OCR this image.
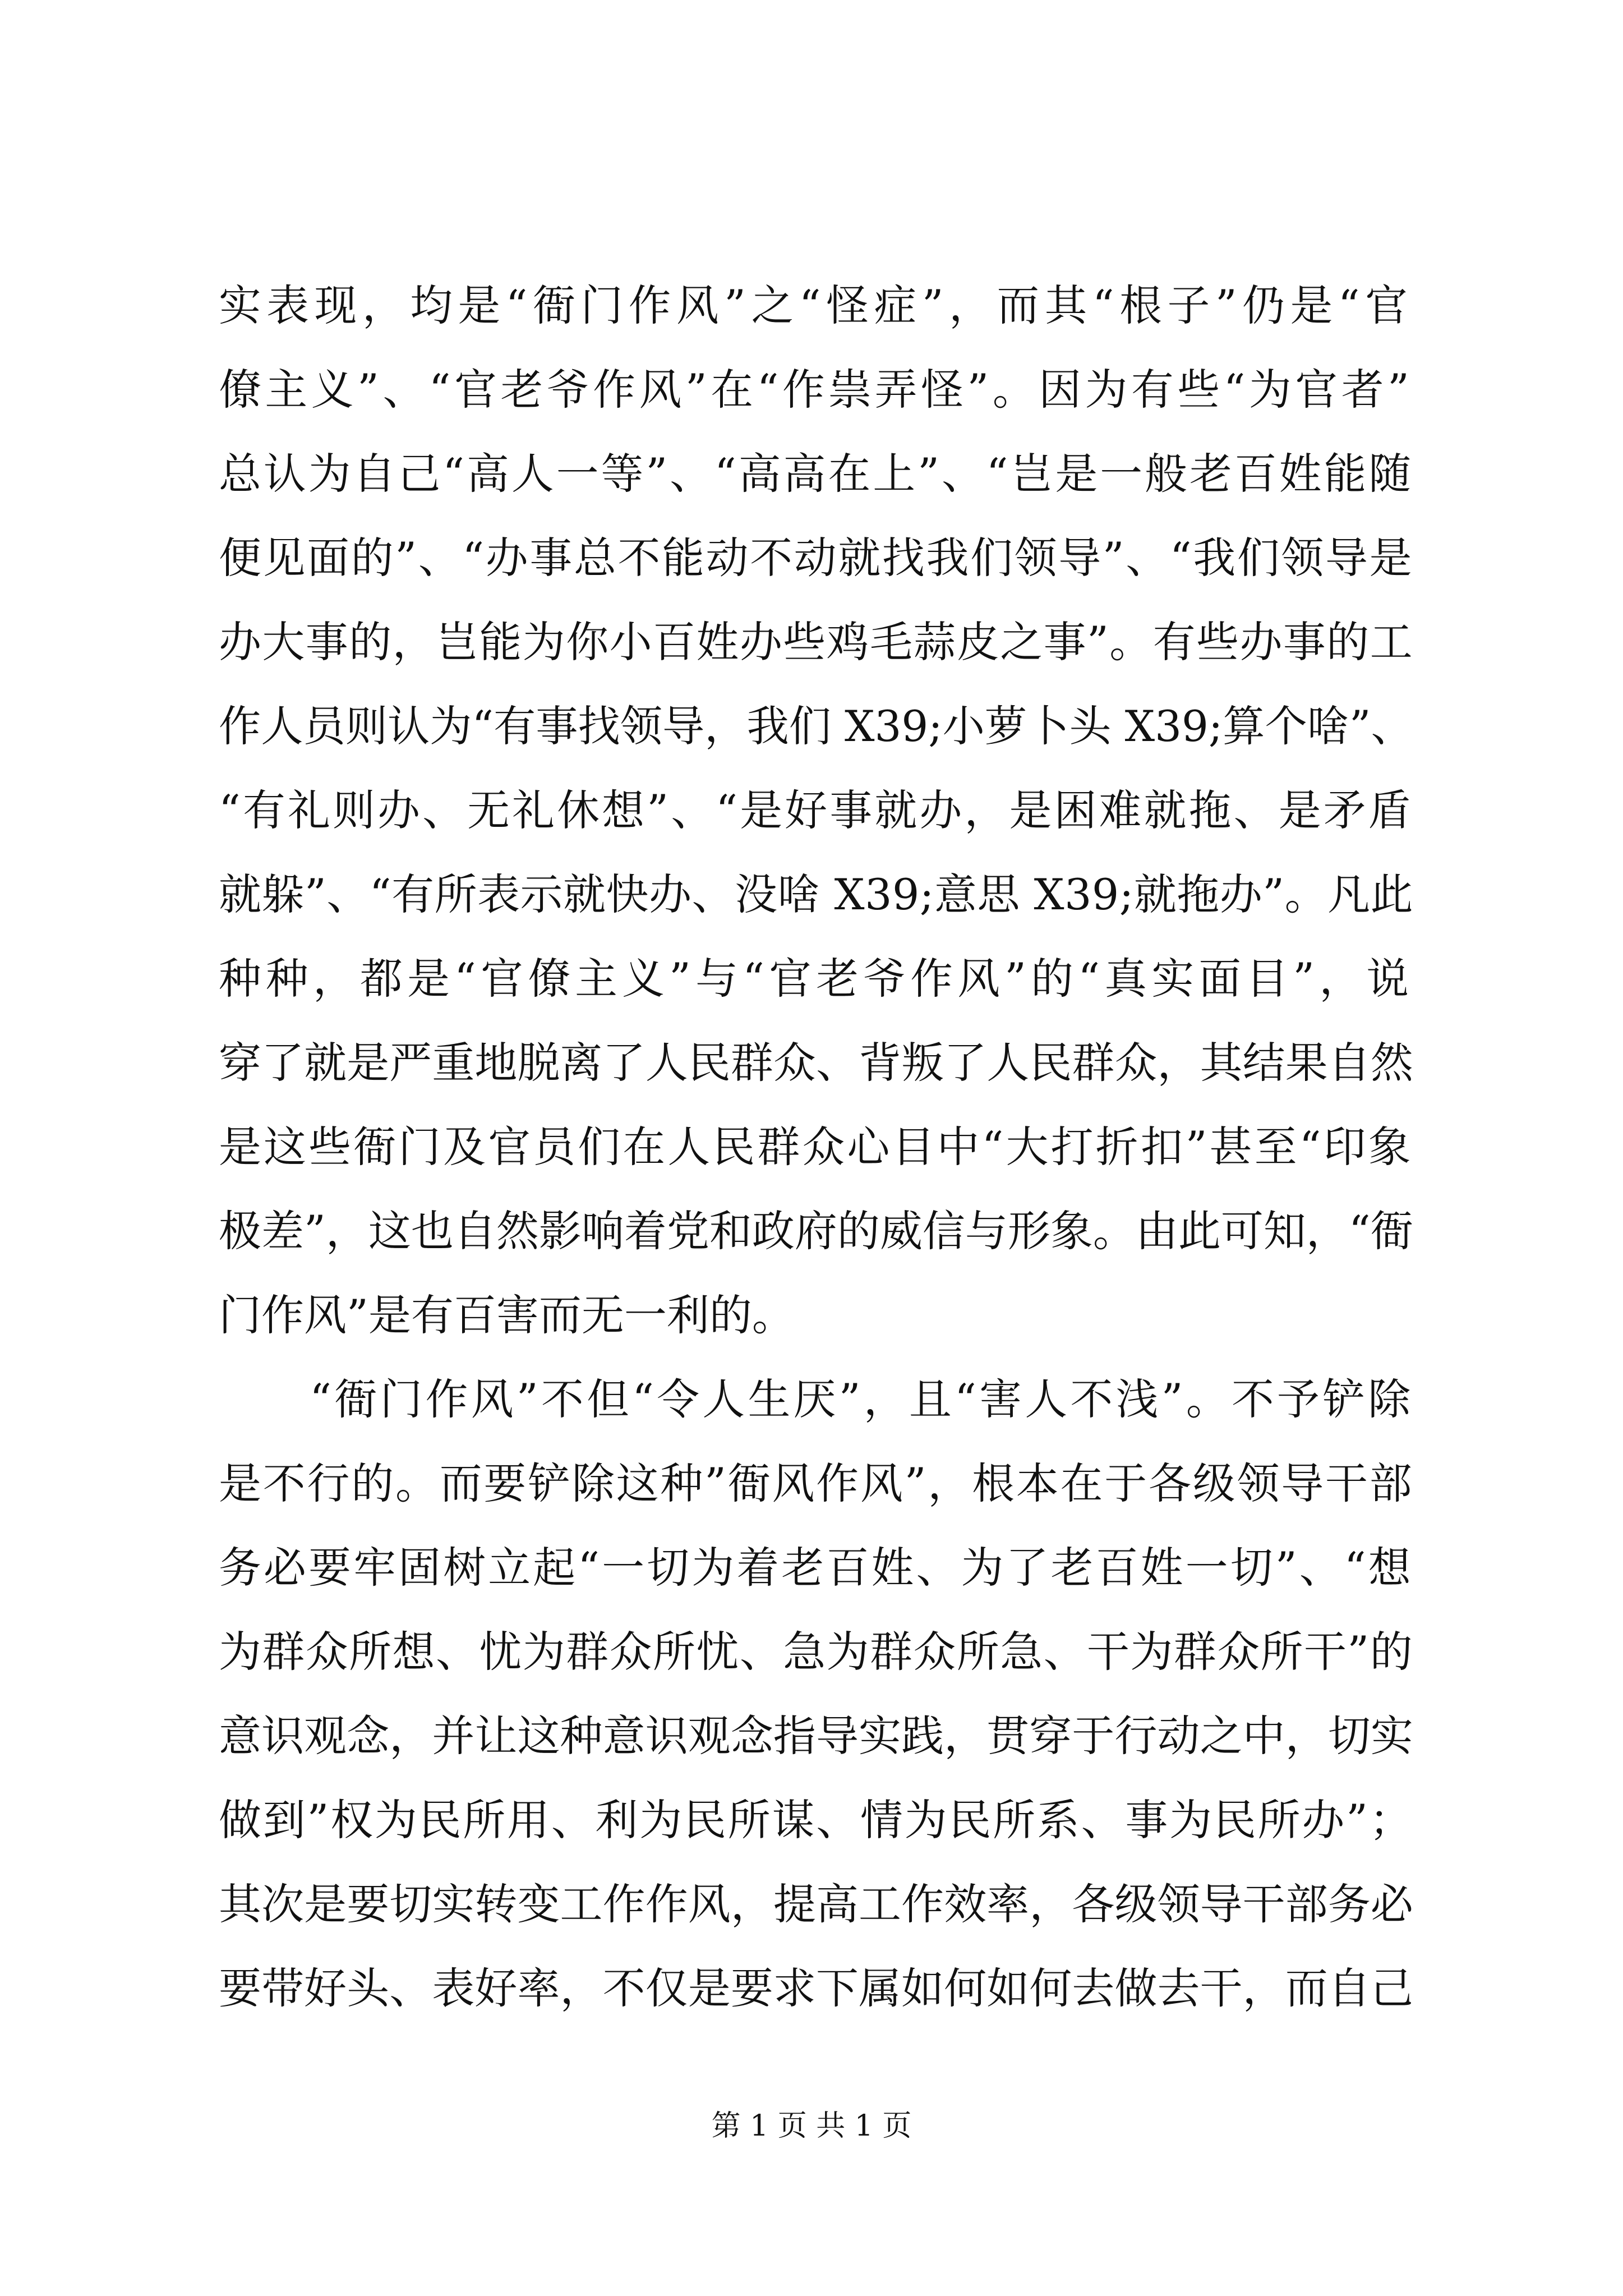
实表现，均是“衙门作风”之“怪症”，而其“根子”仍是“官
僚主义”、“官老爷作风”在“作祟弄怪”。因为有些“为官者”
总认为自己“高人一等”、“高高在上”、“岂是一般老百姓能随
便见面的”、“办事总不能动不动就找我们领导”、“我们领导是
办大事的，岂能为你小百姓办些鸡毛蒜皮之事”。有些办事的工
作人员则认为“有事找领导，我们 X39;小萝卜头 X39;算个啥”、
“有礼则办、无礼休想”、“是好事就办，是困难就拖、是矛盾
就躲”、“有所表示就快办、没啥 X39;意思 X39;就拖办”。凡此
种种，都是“官僚主义”与“官老爷作风”的“真实面目”，说
穿了就是严重地脱离了人民群众、背叛了人民群众，其结果自然
是这些衙门及官员们在人民群众心目中“大打折扣”甚至“印象
极差”，这也自然影响着党和政府的威信与形象。由此可知，“衙
门作风”是有百害而无一利的。
　　“衙门作风”不但“令人生厌”，且“害人不浅”。不予铲除
是不行的。而要铲除这种”衙风作风”，根本在于各级领导干部
务必要牢固树立起“一切为着老百姓、为了老百姓一切”、“想
为群众所想、忧为群众所忧、急为群众所急、干为群众所干”的
意识观念，并让这种意识观念指导实践，贯穿于行动之中，切实
做到”权为民所用、利为民所谋、情为民所系、事为民所办”；
其次是要切实转变工作作风，提高工作效率，各级领导干部务必
要带好头、表好率，不仅是要求下属如何如何去做去干，而自己
第 1 页 共 1 页
